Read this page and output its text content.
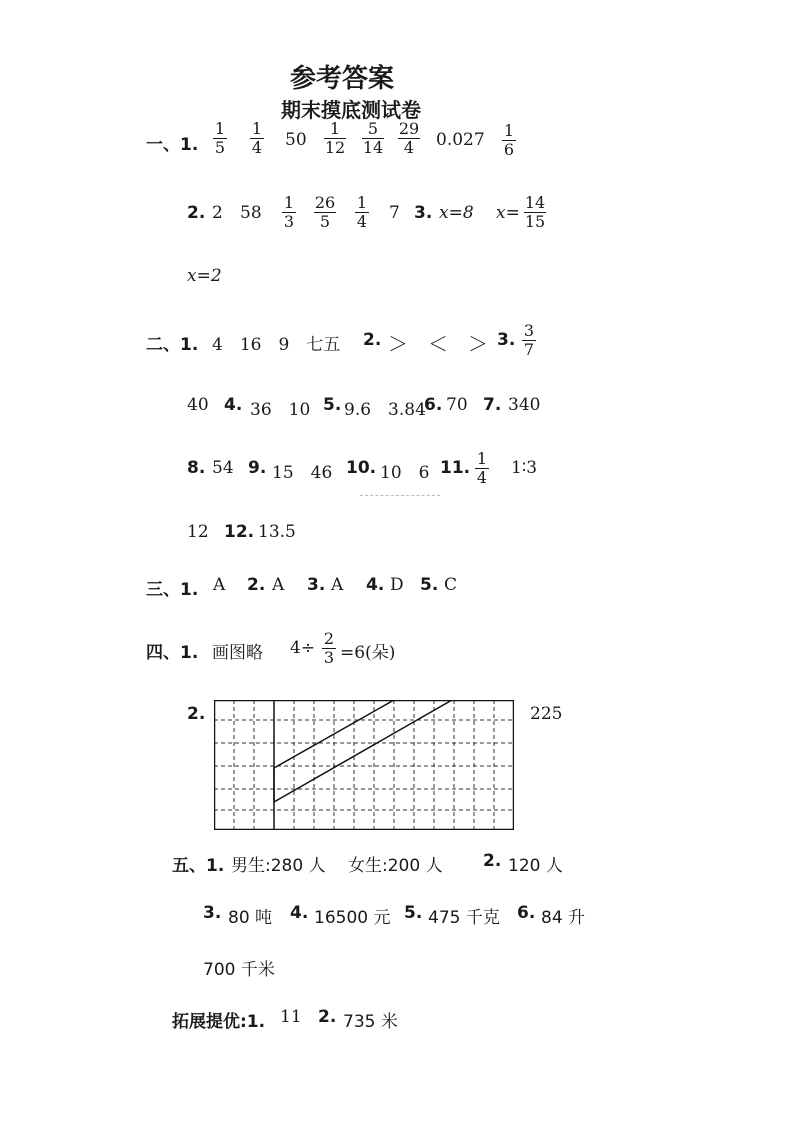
参考答案
期末摸底测试卷
一、1. $\frac{1}{5} \frac{1}{4} 50 \frac{1}{12} \frac{5}{14} \frac{29}{4} 0.027 \frac{1}{6}$
2. 2 $58 \frac{1}{3} \frac{26}{5} \frac{1}{4} 7$ 3. x=8 $x= \frac{14}{15}$
x=2
二、1. 4　16　9　七五 2. ＞　＜　＞ 3. $\frac{3}{7}$
40 4. 36　10 5. 9.6　3.84
6. 70 7. 340
8. 54 9. 15　46 10. 10　6 11. $\frac{1}{4}$ 1∶3
12 12. 13.5
三、1. A 2. A 3. A 4. D 5. C
四、1. 画图略 $4\div \frac{2}{3} =6$(朵)
2.	225
五、1. 男生:280 人 女生:200 人 2. 120 人
3. 80 吨 4. 16500 元 5. 475 千克 6. 84 升
700 千米
拓展提优:1. 11 2. 735 米
